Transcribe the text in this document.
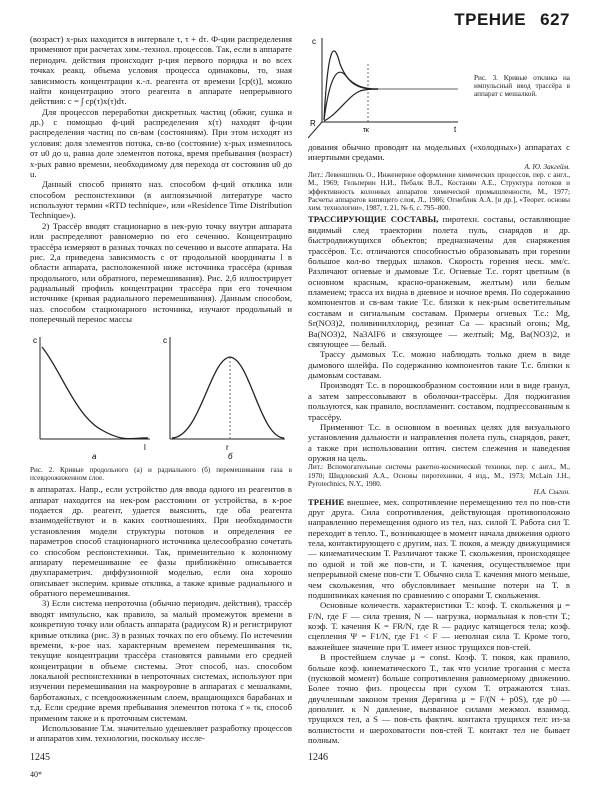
ТРЕНИЕ 627

(возраст) x-рых находится в интервале τ, τ + dτ. Ф-ции распределения применяют при расчетах хим.-технол. процессов. Так, если в аппарате периодич. действия происходит р-ция первого порядка и во всех точках реакц. объема условия процесса одинаковы, то, зная зависимость концентрации к.-л. реагента от времени [cp(t)], можно найти концентрацию этого реагента в аппарате непрерывного действия: c = ∫ cp(τ)x(τ)dτ.

Для процессов переработки дискретных частиц (обжиг, сушка и др.) с помощью ф-ций распределения x(τ) находят ф-ции распределения частиц по св-вам (состояниям). При этом исходят из условия: доля элементов потока, св-во (состояние) x-рых изменилось от u0 до u, равна доле элементов потока, время пребывания (возраст) x-рых равно времени, необходимому для перехода от состояния u0 до u.

Данный способ принято наз. способом ф-ций отклика или способом респонстехники (в англоязычной литературе часто используют термин «RTD technique», или «Residence Time Distribution Technique»).

2) Трассёр вводят стационарно в нек-рую точку внутри аппарата или распределяют равномерно по его сечению. Концентрацию трассёра измеряют в разных точках по сечению и высоте аппарата. На рис. 2,а приведена зависимость с от продольной координаты l в области аппарата, расположенной ниже источника трассёра (кривая продольного, или обратного, перемешивания). Рис. 2,б иллюстрирует радиальный профиль концентрации трассёра при его точечном источнике (кривая радиального перемешивания). Данным способом, наз. способом стационарного источника, изучают продольный и поперечный перенос массы

c
l
а
c
r
б

Рис. 2. Кривые продольного (а) и радиального (б) перемешивания газа в псевдоожиженном слое.

в аппаратах. Напр., если устройство для ввода одного из реагентов в аппарат находится на нек-ром расстоянии от устройства, в к-рое подается др. реагент, удается выяснить, где оба реагента взаимодействуют и в каких соотношениях. При необходимости установления модели структуры потоков и определения ее параметров способ стационарного источника целесообразно сочетать со способом респонстехники. Так, применительно к колонному аппарату перемешивание ее фазы приближённо описывается двухпараметрич. диффузионной моделью, если она хорошо описывает эксперим. кривые отклика, а также кривые радиального и обратного перемешивания.

3) Если система непроточна (обычно периодич. действия), трассёр вводят импульсно, как правило, за малый промежуток времени в конкретную точку или область аппарата (радиусом R) и регистрируют кривые отклика (рис. 3) в разных точках по его объему. По истечении времени, к-рое наз. характерным временем перемешивания τк, текущие концентрации трассёра становятся равными его средней концентрации в объеме системы. Этот способ, наз. способом локальной респонстехники в непроточных системах, используют при изучении перемешивания на макроуровне в аппаратах с мешалками, барботажных, с псевдоожиженным слоем, вращающихся барабанах и т.д. Если средние время пребывания элементов потока τ̄ » τк, способ применим также и к проточным системам.

Использование Т.м. значительно удешевляет разработку процессов и аппаратов хим. технологии, поскольку иссле-

c
t
R
τк

Рис. 3. Кривые отклика на импульсный ввод трассёра в аппарат с мешалкой.

дования обычно проводят на модельных («холодных») аппаратах с инертными средами.

А. Ю. Закгейм.

Лит.: Левеншпиль О., Инженерное оформление химических процессов, пер. с англ., М., 1969; Гельперин Н.И., Пебалк В.Л., Костанян А.Е., Структура потоков и эффективность колонных аппаратов химической промышленности, М., 1977; Расчеты аппаратов кипящего слоя, Л., 1986; Огнеблик А.А. [и др.], «Теорет. основы хим. технологии», 1987, т. 21, № 6, с. 795–800.

ТРАССИРУЮЩИЕ СОСТАВЫ, пиротехн. составы, оставляющие видимый след траектории полета пуль, снарядов и др. быстродвижущихся объектов; предназначены для снаряжения трассёров. Т.с. отличаются способностью образовывать при горении большое кол-во твердых шлаков. Скорость горения неск. мм/с. Различают огневые и дымовые Т.с. Огневые Т.с. горят цветным (в основном красным, красно-оранжевым, желтым) или белым пламенем; трасса их видна в дневное и ночное время. По содержанию компонентов и св-вам такие Т.с. близки к нек-рым осветительным составам и сигнальным составам. Примеры огневых Т.с.: Mg, Sr(NO3)2, поливинилхлорид, резинат Са — красный огонь; Mg, Ba(NO3)2, Na3AlF6 и связующее — желтый; Mg, Ba(NO3)2, и связующее — белый.

Трассу дымовых Т.с. можно наблюдать только днем в виде дымового шлейфа. По содержанию компонентов такие Т.с. близки к дымовым составам.

Производят Т.с. в порошкообразном состоянии или в виде гранул, а затем запрессовывают в оболочки-трассёры. Для поджигания пользуются, как правило, воспламенит. составом, подпрессованным к трассёру.

Применяют Т.с. в основном в военных целях для визуального установления дальности и направления полета пуль, снарядов, ракет, а также при использовании оптич. систем слежения и наведения оружия на цель.

Лит.: Вспомогательные системы ракетно-космической техники, пер. с англ., М., 1970; Шидловский А.А., Основы пиротехники, 4 изд., М., 1973; McLain J.H., Pyrotechnics, N.Y., 1980.

Н.А. Сыгин.

ТРЕНИЕ внешнее, мех. сопротивление перемещению тел по пов-сти друг друга. Сила сопротивления, действующая противоположно направлению перемещения одного из тел, наз. силой Т. Работа сил Т. переходит в тепло. Т., возникающее в момент начала движения одного тела, контактирующего с другим, наз. Т. покоя, а между движущимися — кинематическим Т. Различают также Т. скольжения, происходящее по одной и той же пов-сти, и Т. качения, осуществляемое при непрерывной смене пов-сти Т. Обычно сила Т. качения много меньше, чем скольжения, что обусловливает меньшие потери на Т. в подшипниках качения по сравнению с опорами Т. скольжения.

Основные количеств. характеристики Т.: коэф. Т. скольжения μ = F/N, где F — сила трения, N — нагрузка, нормальная к пов-сти Т.; коэф. Т. качения K = FR/N, где R — радиус катящегося тела; коэф. сцепления Ψ = F1/N, где F1 < F — неполная сила Т. Кроме того, важнейшее значение при Т. имеет износ трущихся пов-стей.

В простейшем случае μ = const. Коэф. Т. покоя, как правило, больше коэф. кинематического Т., так что усилие трогания с места (пусковой момент) больше сопротивления равномерному движению. Более точно физ. процессы при сухом Т. отражаются т.наз. двучленным законом трения Дерягина μ = F/(N + p0S), где p0 — дополнит. к N давление, вызванное силами межмол. взаимод. трущихся тел, а S — пов-сть фактич. контакта трущихся тел: из-за волнистости и шероховатости пов-стей Т. контакт тел не бывает полным.

1245	1246
40*
